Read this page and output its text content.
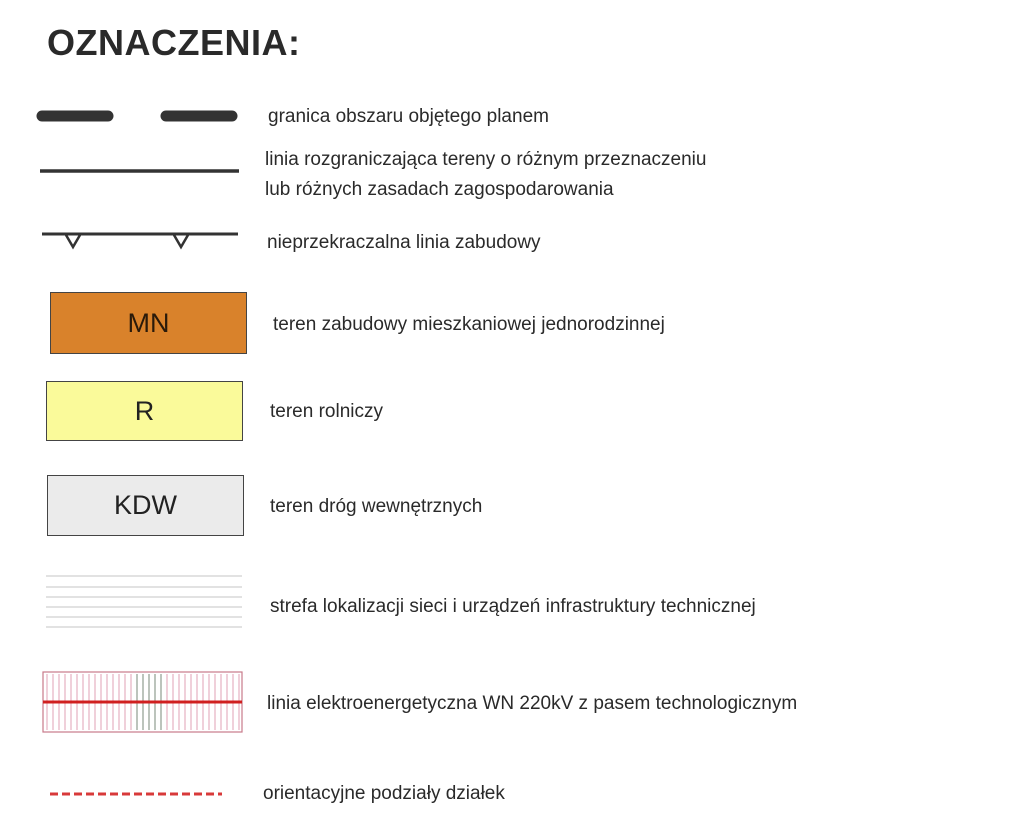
OZNACZENIA:
granica obszaru objętego planem
linia rozgraniczająca tereny o różnym przeznaczeniu
lub różnych zasadach zagospodarowania
nieprzekraczalna linia zabudowy
MN	teren zabudowy mieszkaniowej jednorodzinnej
R	teren rolniczy
KDW	teren dróg wewnętrznych
strefa lokalizacji sieci i urządzeń infrastruktury technicznej
linia elektroenergetyczna WN 220kV z pasem technologicznym
orientacyjne podziały działek
